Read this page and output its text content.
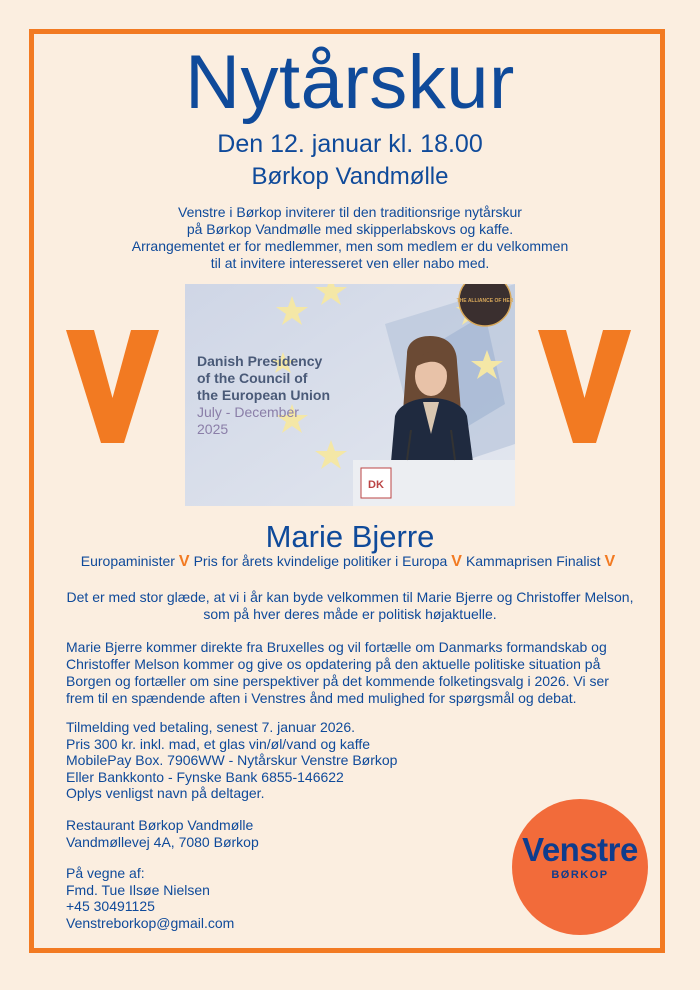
Nytårskur
Den 12. januar kl. 18.00
Børkop Vandmølle
Venstre i Børkop inviterer til den traditionsrige nytårskur
på Børkop Vandmølle med skipperlabskovs og kaffe.
Arrangementet er for medlemmer, men som medlem er du velkommen
til at invitere interesseret ven eller nabo med.
Danish Presidency
of the Council of
the European Union
July - December
2025
THE ALLIANCE OF HER
DK
Marie Bjerre
Europaminister V Pris for årets kvindelige politiker i Europa V Kammaprisen Finalist V
Det er med stor glæde, at vi i år kan byde velkommen til Marie Bjerre og Christoffer Melson, som på hver deres måde er politisk højaktuelle.
Marie Bjerre kommer direkte fra Bruxelles og vil fortælle om Danmarks formandskab og Christoffer Melson kommer og give os opdatering på den aktuelle politiske situation på Borgen og fortæller om sine perspektiver på det kommende folketingsvalg i 2026. Vi ser frem til en spændende aften i Venstres ånd med mulighed for spørgsmål og debat.
Tilmelding ved betaling, senest 7. januar 2026.
Pris 300 kr. inkl. mad, et glas vin/øl/vand og kaffe
MobilePay Box. 7906WW - Nytårskur Venstre Børkop
Eller Bankkonto - Fynske Bank 6855-146622
Oplys venligst navn på deltager.
Restaurant Børkop Vandmølle
Vandmøllevej 4A, 7080 Børkop
På vegne af:
Fmd. Tue Ilsøe Nielsen
+45 30491125
Venstreborkop@gmail.com
Venstre
BØRKOP
